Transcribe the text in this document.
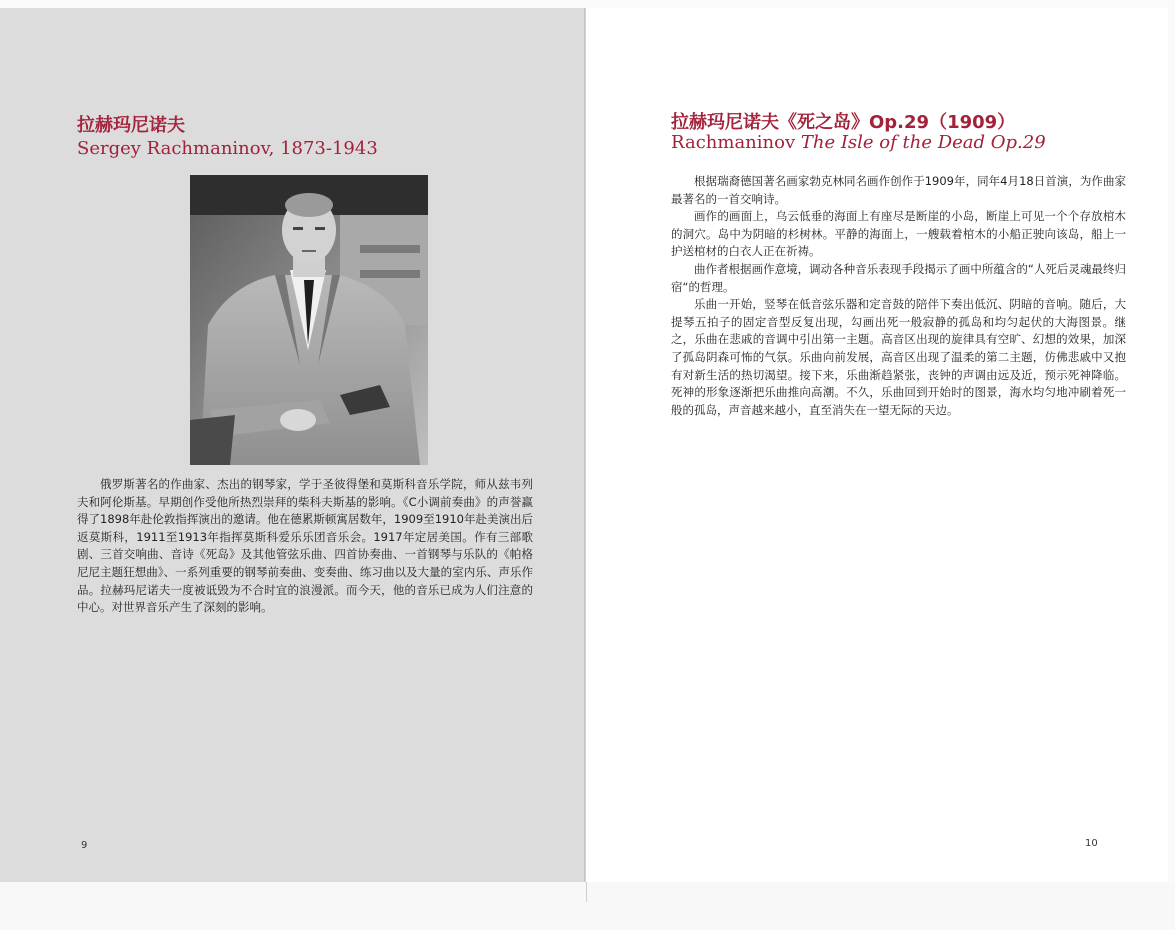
拉赫玛尼诺夫
Sergey Rachmaninov, 1873-1943

俄罗斯著名的作曲家、杰出的钢琴家，学于圣彼得堡和莫斯科音乐学院，师从兹韦列夫和阿伦斯基。早期创作受他所热烈崇拜的柴科夫斯基的影响。《C小调前奏曲》的声誉赢得了1898年赴伦敦指挥演出的邀请。他在德累斯顿寓居数年，1909至1910年赴美演出后返莫斯科，1911至1913年指挥莫斯科爱乐乐团音乐会。1917年定居美国。作有三部歌剧、三首交响曲、音诗《死岛》及其他管弦乐曲、四首协奏曲、一首钢琴与乐队的《帕格尼尼主题狂想曲》、一系列重要的钢琴前奏曲、变奏曲、练习曲以及大量的室内乐、声乐作品。拉赫玛尼诺夫一度被诋毁为不合时宜的浪漫派。而今天，他的音乐已成为人们注意的中心。对世界音乐产生了深刻的影响。

9
拉赫玛尼诺夫《死之岛》Op.29（1909）
Rachmaninov The Isle of the Dead Op.29

根据瑞裔德国著名画家勃克林同名画作创作于1909年，同年4月18日首演，为作曲家最著名的一首交响诗。

画作的画面上，乌云低垂的海面上有座尽是断崖的小岛，断崖上可见一个个存放棺木的洞穴。岛中为阴暗的杉树林。平静的海面上，一艘载着棺木的小船正驶向该岛，船上一护送棺材的白衣人正在祈祷。

曲作者根据画作意境，调动各种音乐表现手段揭示了画中所蕴含的“人死后灵魂最终归宿“的哲理。

乐曲一开始，竖琴在低音弦乐器和定音鼓的陪伴下奏出低沉、阴暗的音响。随后，大提琴五拍子的固定音型反复出现，勾画出死一般寂静的孤岛和均匀起伏的大海图景。继之，乐曲在悲戚的音调中引出第一主题。高音区出现的旋律具有空旷、幻想的效果，加深了孤岛阴森可怖的气氛。乐曲向前发展，高音区出现了温柔的第二主题，仿佛悲戚中又抱有对新生活的热切渴望。接下来，乐曲渐趋紧张，丧钟的声调由远及近，预示死神降临。死神的形象逐渐把乐曲推向高潮。不久，乐曲回到开始时的图景，海水均匀地冲刷着死一般的孤岛，声音越来越小，直至消失在一望无际的天边。

10
